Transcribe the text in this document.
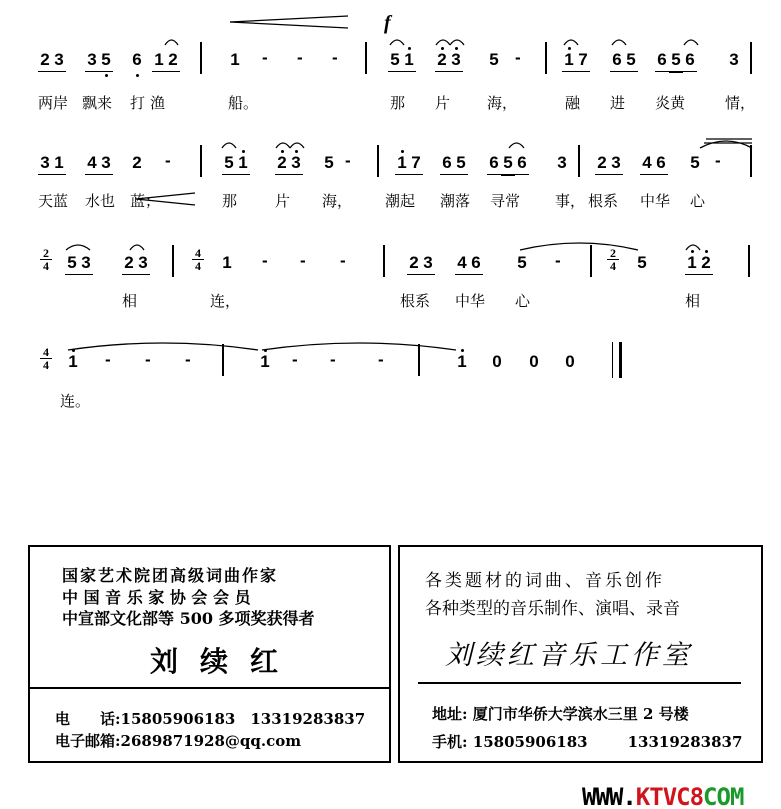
2 3 3 5 6 1 2	1 - - -	5 1 2 3 5 -	1 7 6 5 6 5 6 3
两岸 飘来 打 渔	船。	那 片 海，	融 进 炎黄	情，
3 1 4 3 2 -	5 1 2 3 5 -	1 7 6 5 6 5 6 3 2 3 4 6 5 -
天蓝 水也 蓝；	那	片 海， 潮起 潮落 寻常 事， 根系 中华 心
$\frac{2}{4} 5$ 3 2 3	$\frac{4}{4} 1$ - - -	2 3 4 6 5 -	$\frac{2}{4} 5$ 1 2
相	连，	根系 中华 心	相
$\frac{4}{4} 1$ - - -	1 - - -	1 0 0 0
连。
f
国家艺术院团高级词曲作家
中 国 音 乐 家 协 会 会 员
中宣部文化部等 500 多项奖获得者
刘续红
电　　话:15805906183　13319283837
电子邮箱:2689871928@qq.com
各类题材的词曲、音乐创作
各种类型的音乐制作、演唱、录音
刘续红音乐工作室
地址: 厦门市华侨大学滨水三里 2 号楼
手机: 15805906183	13319283837
WWW.KTVC8COM
